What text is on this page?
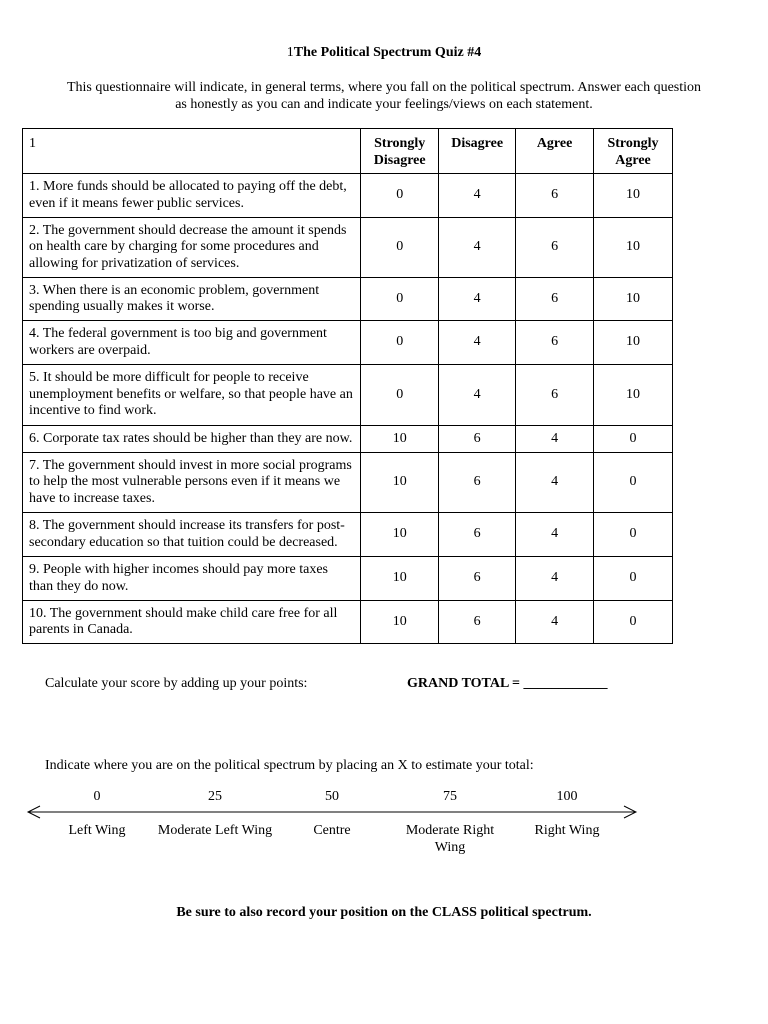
1The Political Spectrum Quiz #4
This questionnaire will indicate, in general terms, where you fall on the political spectrum. Answer each question as honestly as you can and indicate your feelings/views on each statement.
1	Strongly Disagree	Disagree	Agree	Strongly Agree
1. More funds should be allocated to paying off the debt, even if it means fewer public services.	0	4	6	10
2. The government should decrease the amount it spends on health care by charging for some procedures and allowing for privatization of services.	0	4	6	10
3. When there is an economic problem, government spending usually makes it worse.	0	4	6	10
4. The federal government is too big and government workers are overpaid.	0	4	6	10
5. It should be more difficult for people to receive unemployment benefits or welfare, so that people have an incentive to find work.	0	4	6	10
6. Corporate tax rates should be higher than they are now.	10	6	4	0
7. The government should invest in more social programs to help the most vulnerable persons even if it means we have to increase taxes.	10	6	4	0
8. The government should increase its transfers for post-secondary education so that tuition could be decreased.	10	6	4	0
9. People with higher incomes should pay more taxes than they do now.	10	6	4	0
10. The government should make child care free for all parents in Canada.	10	6	4	0
Calculate your score by adding up your points:	GRAND TOTAL = ____________
Indicate where you are on the political spectrum by placing an X to estimate your total:
0	25	50	75	100
Left Wing	Moderate Left Wing	Centre	Moderate Right Wing
Right Wing
Be sure to also record your position on the CLASS political spectrum.
